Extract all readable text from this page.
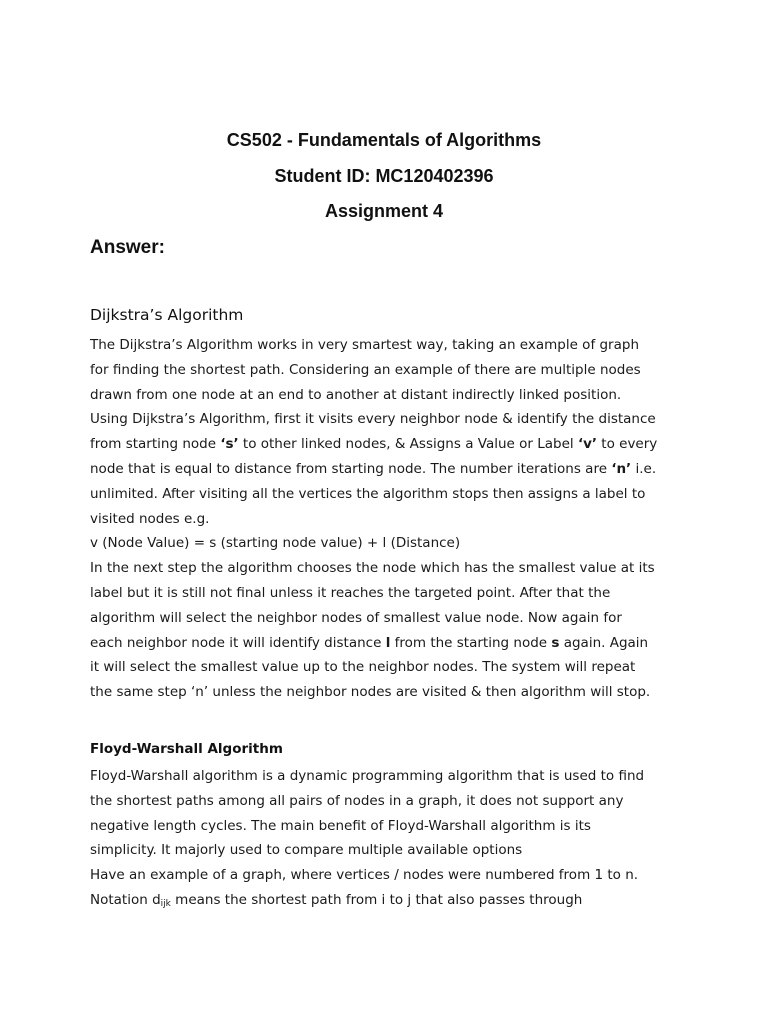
CS502 - Fundamentals of Algorithms
Student ID: MC120402396
Assignment 4
Answer:
Dijkstra’s Algorithm
The Dijkstra’s Algorithm works in very smartest way, taking an example of graph
for finding the shortest path. Considering an example of there are multiple nodes
drawn from one node at an end to another at distant indirectly linked position.
Using Dijkstra’s Algorithm, first it visits every neighbor node & identify the distance
from starting node ‘s’ to other linked nodes, & Assigns a Value or Label ‘v’ to every
node that is equal to distance from starting node. The number iterations are ‘n’ i.e.
unlimited. After visiting all the vertices the algorithm stops then assigns a label to
visited nodes e.g.
v (Node Value) = s (starting node value) + l (Distance)
In the next step the algorithm chooses the node which has the smallest value at its
label but it is still not final unless it reaches the targeted point. After that the
algorithm will select the neighbor nodes of smallest value node. Now again for
each neighbor node it will identify distance l from the starting node s again. Again
it will select the smallest value up to the neighbor nodes. The system will repeat
the same step ‘n’ unless the neighbor nodes are visited & then algorithm will stop.
Floyd-Warshall Algorithm
Floyd-Warshall algorithm is a dynamic programming algorithm that is used to find
the shortest paths among all pairs of nodes in a graph, it does not support any
negative length cycles. The main benefit of Floyd-Warshall algorithm is its
simplicity. It majorly used to compare multiple available options
Have an example of a graph, where vertices / nodes were numbered from 1 to n.
Notation $d_{ijk}$ means the shortest path from i to j that also passes through
